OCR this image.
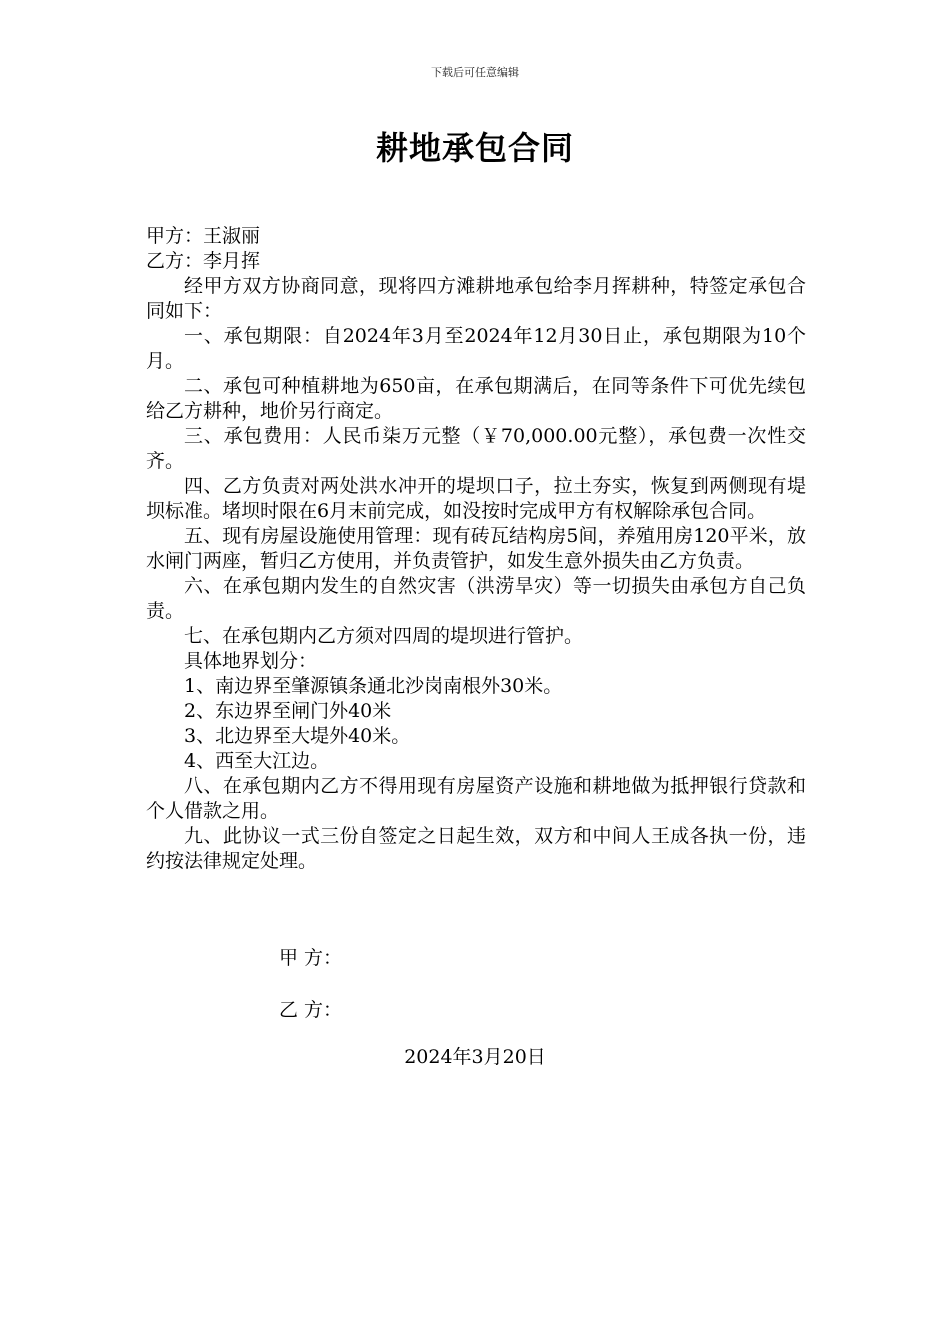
下载后可任意编辑
耕地承包合同

甲方：王淑丽

乙方：李月挥

经甲方双方协商同意，现将四方滩耕地承包给李月挥耕种，特签定承包合同如下：

一、承包期限：自2024年3月至2024年12月30日止，承包期限为10个月。

二、承包可种植耕地为650亩，在承包期满后，在同等条件下可优先续包给乙方耕种，地价另行商定。

三、承包费用：人民币柒万元整（￥70,000.00元整），承包费一次性交齐。

四、乙方负责对两处洪水冲开的堤坝口子，拉土夯实，恢复到两侧现有堤坝标准。堵坝时限在6月末前完成，如没按时完成甲方有权解除承包合同。

五、现有房屋设施使用管理：现有砖瓦结构房5间，养殖用房120平米，放水闸门两座，暂归乙方使用，并负责管护，如发生意外损失由乙方负责。

六、在承包期内发生的自然灾害（洪涝旱灾）等一切损失由承包方自己负责。

七、在承包期内乙方须对四周的堤坝进行管护。

具体地界划分：

1、南边界至肇源镇条通北沙岗南根外30米。

2、东边界至闸门外40米

3、北边界至大堤外40米。

4、西至大江边。

八、在承包期内乙方不得用现有房屋资产设施和耕地做为抵押银行贷款和个人借款之用。

九、此协议一式三份自签定之日起生效，双方和中间人王成各执一份，违约按法律规定处理。

甲 方：
乙 方：
2024年3月20日
